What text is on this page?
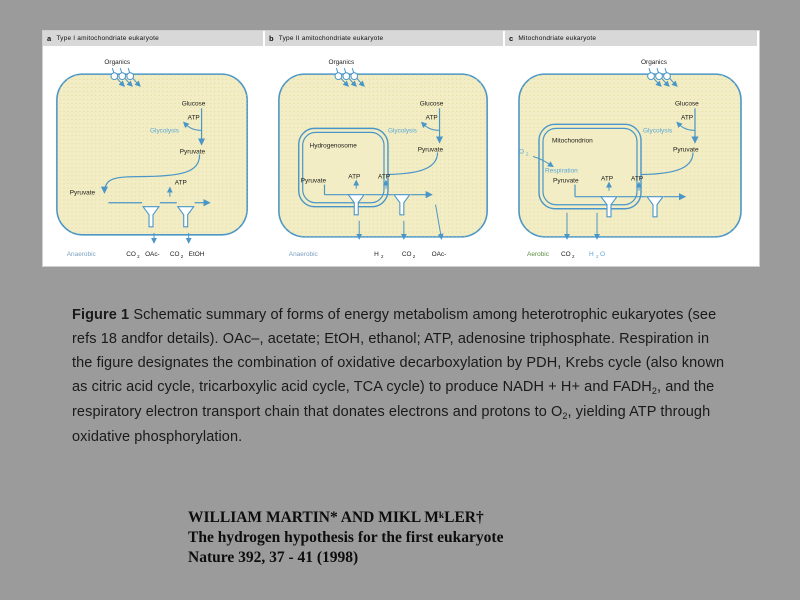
a Type I amitochondriate eukaryote
Organics
Glucose
Glycolysis
ATP
Pyruvate
Pyruvate
ATP
Anaerobic	CO 2 OAc- CO 2 EtOH
b Type II amitochondriate eukaryote
Organics
Glucose
Glycolysis
ATP
Pyruvate
Hydrogenosome
Pyruvate
ATP	ATP
Anaerobic	H 2	CO 2	OAc-
c Mitochondriate eukaryote
Organics
Glucose
Glycolysis
ATP
Pyruvate
Mitochondrion
Pyruvate
Respiration
O 2
ATP	ATP
Aerobic CO 2 H 2 O
Figure 1 Schematic summary of forms of energy metabolism among heterotrophic eukaryotes (see refs 18 andfor details). OAc–, acetate; EtOH, ethanol; ATP, adenosine triphosphate. Respiration in the figure designates the combination of oxidative decarboxylation by PDH, Krebs cycle (also known as citric acid cycle, tricarboxylic acid cycle, TCA cycle) to produce NADH + H+ and $FADH_2$, and the respiratory electron transport chain that donates electrons and protons to $O_2$, yielding ATP through oxidative phosphorylation.
WILLIAM MARTIN* AND MIKL MᵏLER†
The hydrogen hypothesis for the first eukaryote
Nature 392, 37 - 41 (1998)
